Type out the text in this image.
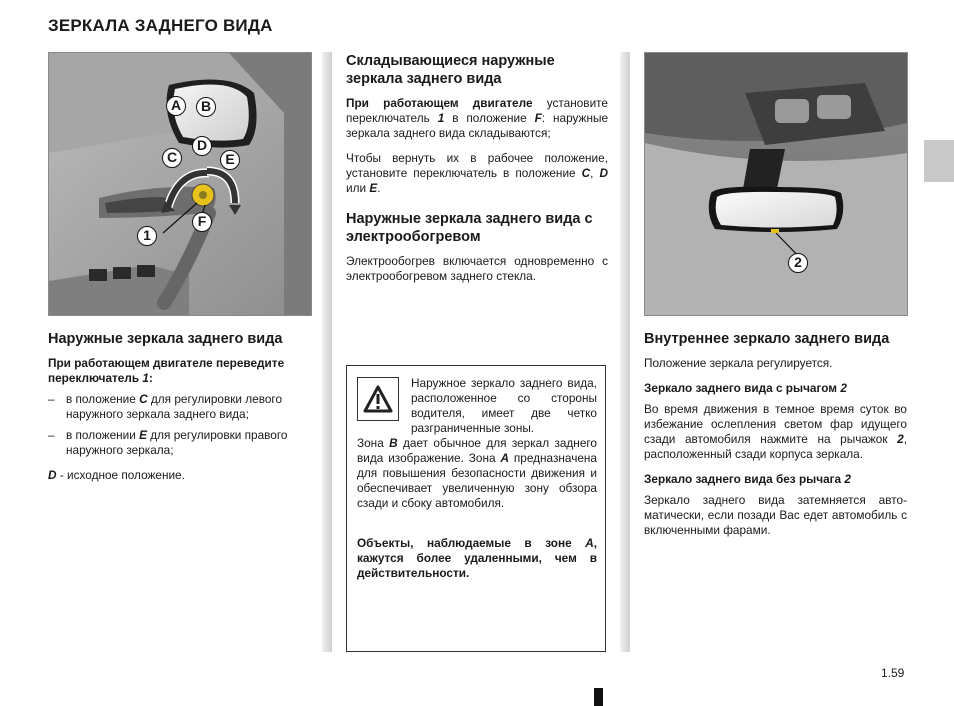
ЗЕРКАЛА ЗАДНЕГО ВИДА
Наружные зеркала заднего вида

При работающем двигателе переведите переключатель 1:

– в положение C для регулировки левого наружного зеркала заднего вида;
– в положении E для регулировки правого наружного зеркала;

D - исходное положение.

Складывающиеся наружные зеркала заднего вида

При работающем двигателе установите переключатель 1 в положение F: наружные зеркала заднего вида складываются;

Чтобы вернуть их в рабочее положение, установите переключатель в положение C, D или E.

Наружные зеркала заднего вида с электрообогревом

Электрообогрев включается одновременно с электрообогревом заднего стекла.

Наружное зеркало заднего вида, расположенное со стороны водителя, имеет две четко разграниченные зоны.
Зона B дает обычное для зеркал заднего вида изображение. Зона A предназначена для повышения безопасности движения и обеспечивает увеличенную зону обзора сзади и сбоку автомобиля.
Объекты, наблюдаемые в зоне A, кажутся более удаленными, чем в действительности.
Внутреннее зеркало заднего вида

Положение зеркала регулируется.

Зеркало заднего вида с рычагом 2

Во время движения в темное время суток во избежание ослепления светом фар идущего сзади автомобиля нажмите на рычажок 2, расположенный сзади корпуса зеркала.

Зеркало заднего вида без рычага 2

Зеркало заднего вида затемняется автоматически, если позади Вас едет автомобиль с включенными фарами.

A	B
C
D
E
F
1
2
1.59
